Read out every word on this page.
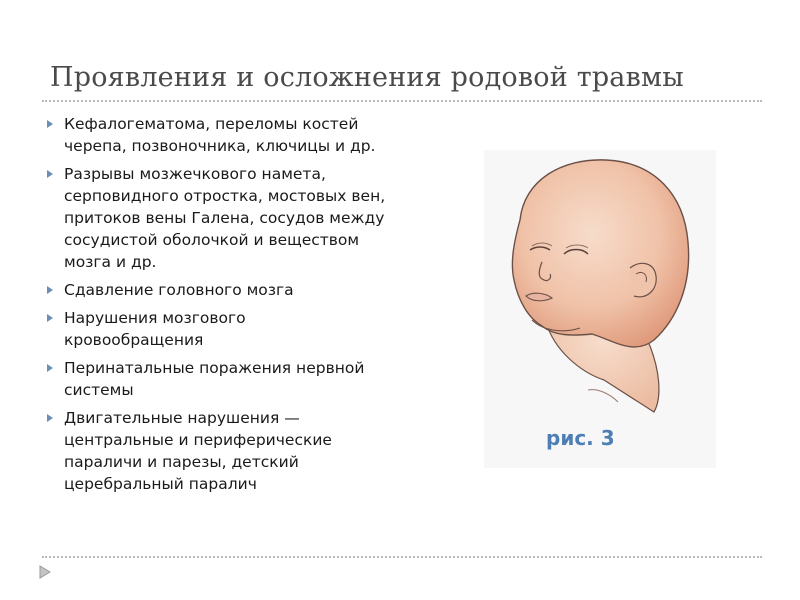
Проявления и осложнения родовой травмы
Кефалогематома, переломы костей черепа, позвоночника, ключицы и др.
Разрывы мозжечкового намета, серповидного отростка, мостовых вен, притоков вены Галена, сосудов между сосудистой оболочкой и веществом мозга и др.
Сдавление головного мозга
Нарушения мозгового кровообращения
Перинатальные поражения нервной системы
Двигательные нарушения — центральные и периферические параличи и парезы, детский церебральный паралич
рис. 3
